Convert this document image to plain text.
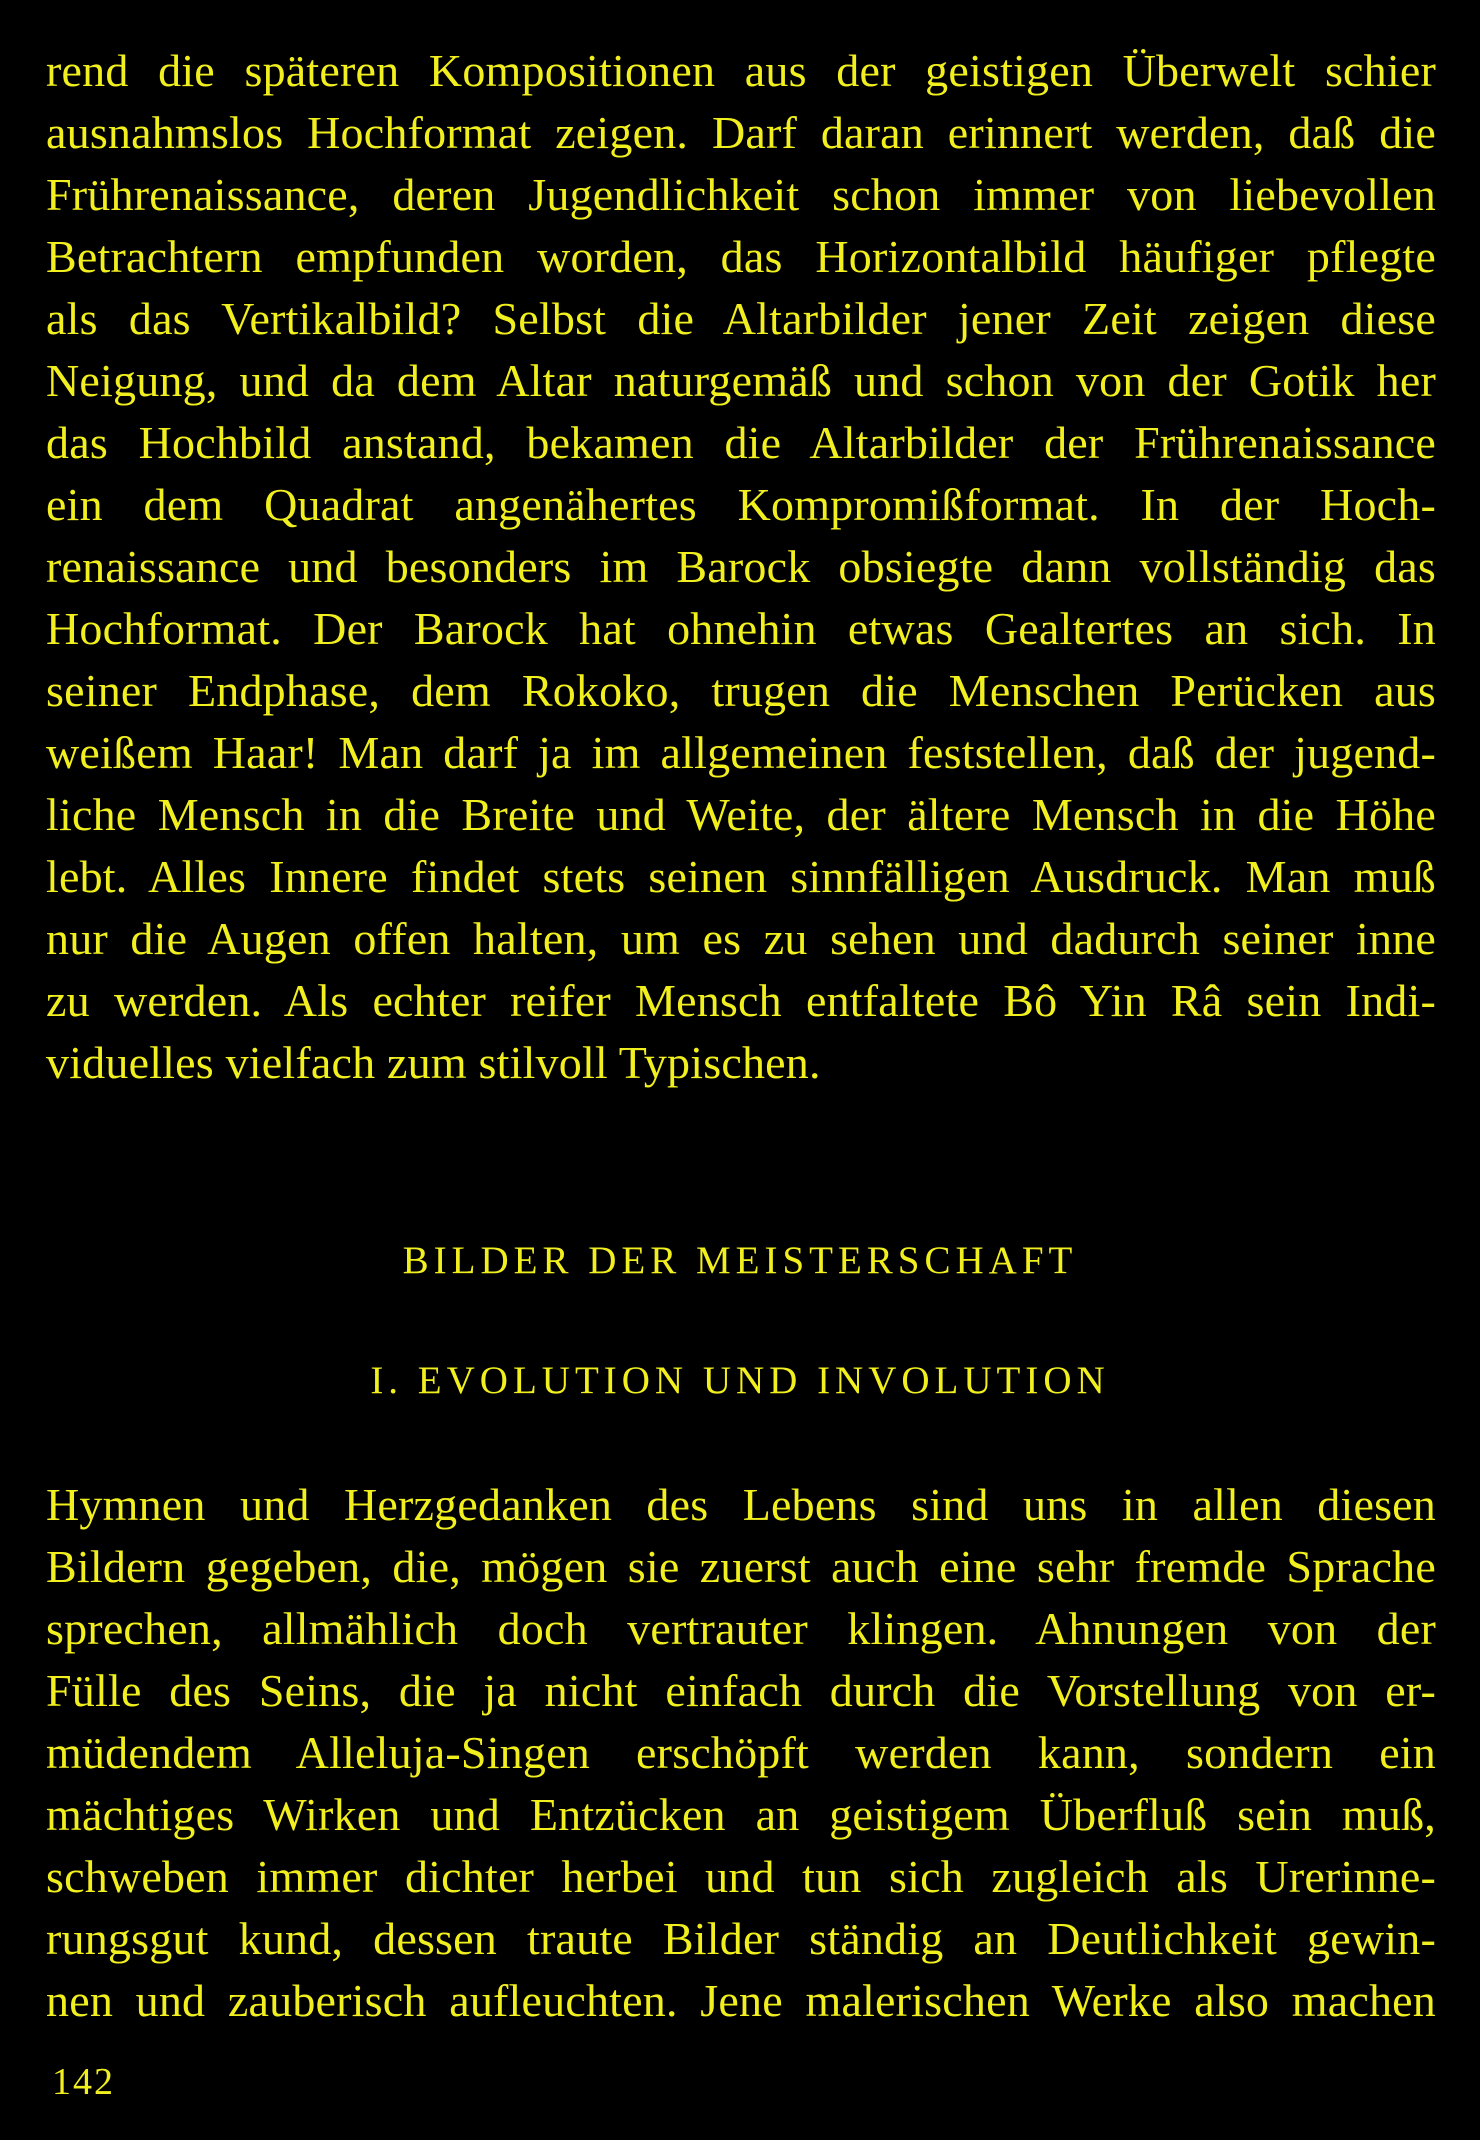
rend die späteren Kompositionen aus der geistigen Überwelt schier
ausnahmslos Hochformat zeigen. Darf daran erinnert werden, daß die
Frührenaissance, deren Jugendlichkeit schon immer von liebevollen
Betrachtern empfunden worden, das Horizontalbild häufiger pflegte
als das Vertikalbild? Selbst die Altarbilder jener Zeit zeigen diese
Neigung, und da dem Altar naturgemäß und schon von der Gotik her
das Hochbild anstand, bekamen die Altarbilder der Frührenaissance
ein dem Quadrat angenähertes Kompromißformat. In der Hoch-
renaissance und besonders im Barock obsiegte dann vollständig das
Hochformat. Der Barock hat ohnehin etwas Gealtertes an sich. In
seiner Endphase, dem Rokoko, trugen die Menschen Perücken aus
weißem Haar! Man darf ja im allgemeinen feststellen, daß der jugend-
liche Mensch in die Breite und Weite, der ältere Mensch in die Höhe
lebt. Alles Innere findet stets seinen sinnfälligen Ausdruck. Man muß
nur die Augen offen halten, um es zu sehen und dadurch seiner inne
zu werden. Als echter reifer Mensch entfaltete Bô Yin Râ sein Indi-
viduelles vielfach zum stilvoll Typischen.
BILDER DER MEISTERSCHAFT
I. EVOLUTION UND INVOLUTION
Hymnen und Herzgedanken des Lebens sind uns in allen diesen
Bildern gegeben, die, mögen sie zuerst auch eine sehr fremde Sprache
sprechen, allmählich doch vertrauter klingen. Ahnungen von der
Fülle des Seins, die ja nicht einfach durch die Vorstellung von er-
müdendem Alleluja-Singen erschöpft werden kann, sondern ein
mächtiges Wirken und Entzücken an geistigem Überfluß sein muß,
schweben immer dichter herbei und tun sich zugleich als Urerinne-
rungsgut kund, dessen traute Bilder ständig an Deutlichkeit gewin-
nen und zauberisch aufleuchten. Jene malerischen Werke also machen
142
